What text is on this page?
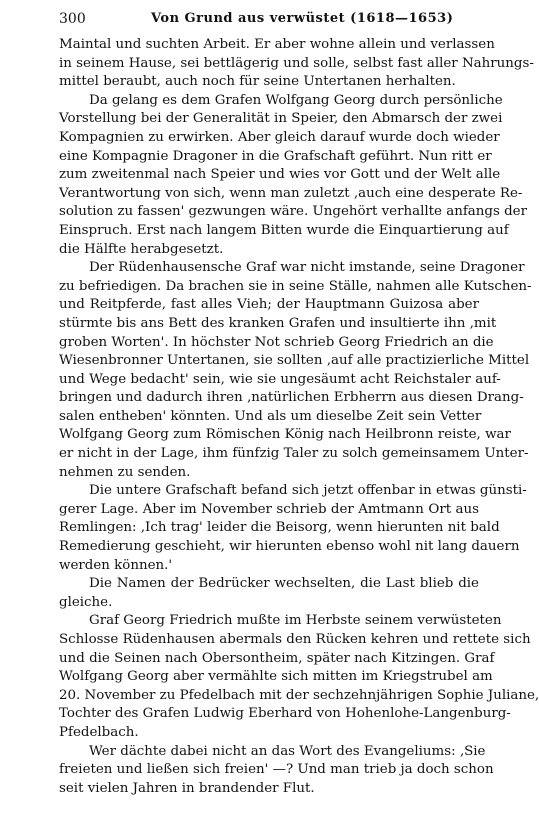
300	Von Grund aus verwüstet (1618—1653)
Maintal und suchten Arbeit. Er aber wohne allein und verlassen
in seinem Hause, sei bettlägerig und solle, selbst fast aller Nahrungs-
mittel beraubt, auch noch für seine Untertanen herhalten.
Da gelang es dem Grafen Wolfgang Georg durch persönliche
Vorstellung bei der Generalität in Speier, den Abmarsch der zwei
Kompagnien zu erwirken. Aber gleich darauf wurde doch wieder
eine Kompagnie Dragoner in die Grafschaft geführt. Nun ritt er
zum zweitenmal nach Speier und wies vor Gott und der Welt alle
Verantwortung von sich, wenn man zuletzt ‚auch eine desperate Re-
solution zu fassen' gezwungen wäre. Ungehört verhallte anfangs der
Einspruch. Erst nach langem Bitten wurde die Einquartierung auf
die Hälfte herabgesetzt.
Der Rüdenhausensche Graf war nicht imstande, seine Dragoner
zu befriedigen. Da brachen sie in seine Ställe, nahmen alle Kutschen-
und Reitpferde, fast alles Vieh; der Hauptmann Guizosa aber
stürmte bis ans Bett des kranken Grafen und insultierte ihn ‚mit
groben Worten'. In höchster Not schrieb Georg Friedrich an die
Wiesenbronner Untertanen, sie sollten ‚auf alle practizierliche Mittel
und Wege bedacht' sein, wie sie ungesäumt acht Reichstaler auf-
bringen und dadurch ihren ‚natürlichen Erbherrn aus diesen Drang-
salen entheben' könnten. Und als um dieselbe Zeit sein Vetter
Wolfgang Georg zum Römischen König nach Heilbronn reiste, war
er nicht in der Lage, ihm fünfzig Taler zu solch gemeinsamem Unter-
nehmen zu senden.
Die untere Grafschaft befand sich jetzt offenbar in etwas günsti-
gerer Lage. Aber im November schrieb der Amtmann Ort aus
Remlingen: ‚Ich trag' leider die Beisorg, wenn hierunten nit bald
Remedierung geschieht, wir hierunten ebenso wohl nit lang dauern
werden können.'
Die Namen der Bedrücker wechselten, die Last blieb die
gleiche.
Graf Georg Friedrich mußte im Herbste seinem verwüsteten
Schlosse Rüdenhausen abermals den Rücken kehren und rettete sich
und die Seinen nach Obersontheim, später nach Kitzingen. Graf
Wolfgang Georg aber vermählte sich mitten im Kriegstrubel am
20. November zu Pfedelbach mit der sechzehnjährigen Sophie Juliane,
Tochter des Grafen Ludwig Eberhard von Hohenlohe-Langenburg-
Pfedelbach.
Wer dächte dabei nicht an das Wort des Evangeliums: ‚Sie
freieten und ließen sich freien' —? Und man trieb ja doch schon
seit vielen Jahren in brandender Flut.
